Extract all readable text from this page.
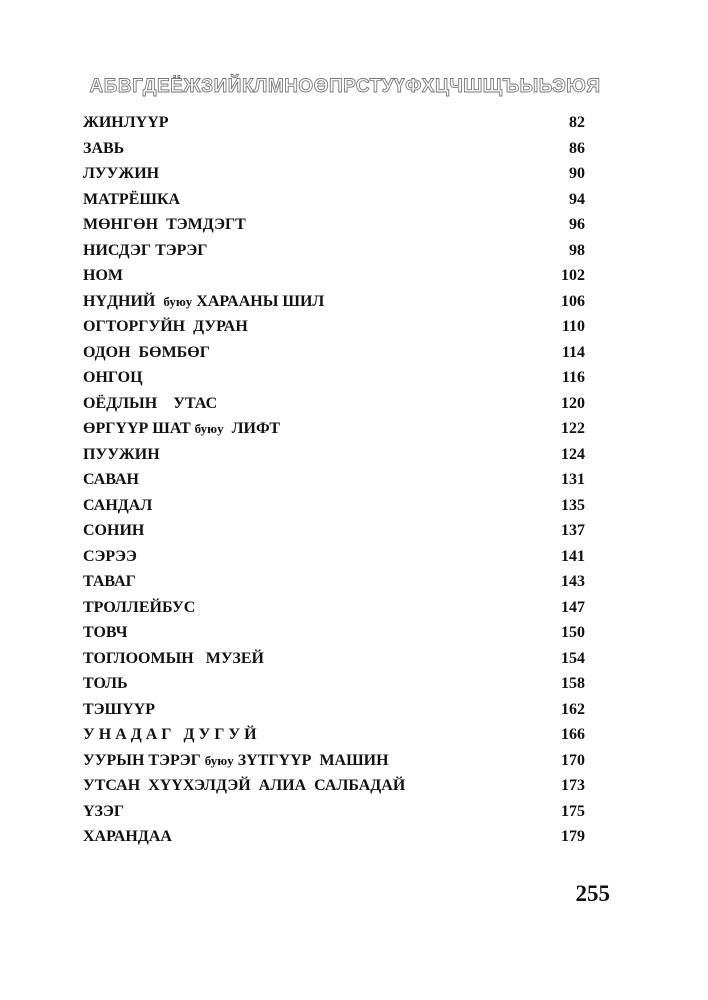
АБВГДЕЁЖЗИЙКЛМНОӨПРСТУҮФХЦЧШЩЪЫЬЭЮЯ
ЖИНЛҮҮР	82
ЗАВЬ	86
ЛУУЖИН	90
МАТРЁШКА	94
МӨНГӨН  ТЭМДЭГТ	96
НИСДЭГ ТЭРЭГ	98
НОМ	102
НҮДНИЙ  буюу ХАРААНЫ ШИЛ	106
ОГТОРГУЙН  ДУРАН	110
ОДОН  БӨМБӨГ	114
ОНГОЦ	116
ОЁДЛЫН    УТАС	120
ӨРГҮҮР ШАТ буюу  ЛИФТ	122
ПУУЖИН	124
САВАН	131
САНДАЛ	135
СОНИН	137
СЭРЭЭ	141
ТАВАГ	143
ТРОЛЛЕЙБУС	147
ТОВЧ	150
ТОГЛООМЫН   МУЗЕЙ	154
ТОЛЬ	158
ТЭШҮҮР	162
У Н А Д А Г   Д У Г У Й	166
УУРЫН ТЭРЭГ буюу ЗҮТГҮҮР  МАШИН	170
УТСАН  ХҮҮХЭЛДЭЙ  АЛИА  САЛБАДАЙ	173
ҮЗЭГ	175
ХАРАНДАА	179
255
